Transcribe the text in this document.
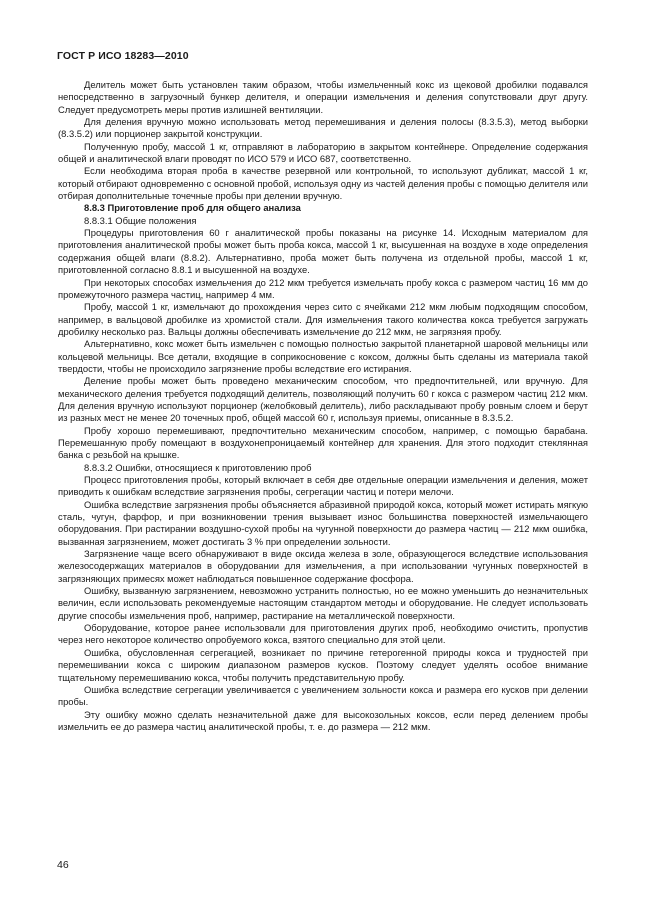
ГОСТ Р ИСО 18283—2010

Делитель может быть установлен таким образом, чтобы измельченный кокс из щековой дробилки подавался непосредственно в загрузочный бункер делителя, и операции измельчения и деления сопутствовали друг другу. Следует предусмотреть меры против излишней вентиляции.

Для деления вручную можно использовать метод перемешивания и деления полосы (8.3.5.3), метод выборки (8.3.5.2) или порционер закрытой конструкции.

Полученную пробу, массой 1 кг, отправляют в лабораторию в закрытом контейнере. Определение содержания общей и аналитической влаги проводят по ИСО 579 и ИСО 687, соответственно.

Если необходима вторая проба в качестве резервной или контрольной, то используют дубликат, массой 1 кг, который отбирают одновременно с основной пробой, используя одну из частей деления пробы с помощью делителя или отбирая дополнительные точечные пробы при делении вручную.

8.8.3 Приготовление проб для общего анализа

8.8.3.1 Общие положения

Процедуры приготовления 60 г аналитической пробы показаны на рисунке 14. Исходным материалом для приготовления аналитической пробы может быть проба кокса, массой 1 кг, высушенная на воздухе в ходе определения содержания общей влаги (8.8.2). Альтернативно, проба может быть получена из отдельной пробы, массой 1 кг, приготовленной согласно 8.8.1 и высушенной на воздухе.

При некоторых способах измельчения до 212 мкм требуется измельчать пробу кокса с размером частиц 16 мм до промежуточного размера частиц, например 4 мм.

Пробу, массой 1 кг, измельчают до прохождения через сито с ячейками 212 мкм любым подходящим способом, например, в вальцовой дробилке из хромистой стали. Для измельчения такого количества кокса требуется загружать дробилку несколько раз. Вальцы должны обеспечивать измельчение до 212 мкм, не загрязняя пробу.

Альтернативно, кокс может быть измельчен с помощью полностью закрытой планетарной шаровой мельницы или кольцевой мельницы. Все детали, входящие в соприкосновение с коксом, должны быть сделаны из материала такой твердости, чтобы не происходило загрязнение пробы вследствие его истирания.

Деление пробы может быть проведено механическим способом, что предпочтительней, или вручную. Для механического деления требуется подходящий делитель, позволяющий получить 60 г кокса с размером частиц 212 мкм. Для деления вручную используют порционер (желобковый делитель), либо раскладывают пробу ровным слоем и берут из разных мест не менее 20 точечных проб, общей массой 60 г, используя приемы, описанные в 8.3.5.2.

Пробу хорошо перемешивают, предпочтительно механическим способом, например, с помощью барабана. Перемешанную пробу помещают в воздухонепроницаемый контейнер для хранения. Для этого подходит стеклянная банка с резьбой на крышке.

8.8.3.2 Ошибки, относящиеся к приготовлению проб

Процесс приготовления пробы, который включает в себя две отдельные операции измельчения и деления, может приводить к ошибкам вследствие загрязнения пробы, сегрегации частиц и потери мелочи.

Ошибка вследствие загрязнения пробы объясняется абразивной природой кокса, который может истирать мягкую сталь, чугун, фарфор, и при возникновении трения вызывает износ большинства поверхностей измельчающего оборудования. При растирании воздушно-сухой пробы на чугунной поверхности до размера частиц — 212 мкм ошибка, вызванная загрязнением, может достигать 3 % при определении зольности.

Загрязнение чаще всего обнаруживают в виде оксида железа в золе, образующегося вследствие использования железосодержащих материалов в оборудовании для измельчения, а при использовании чугунных поверхностей в загрязняющих примесях может наблюдаться повышенное содержание фосфора.

Ошибку, вызванную загрязнением, невозможно устранить полностью, но ее можно уменьшить до незначительных величин, если использовать рекомендуемые настоящим стандартом методы и оборудование. Не следует использовать другие способы измельчения проб, например, растирание на металлической поверхности.

Оборудование, которое ранее использовали для приготовления других проб, необходимо очистить, пропустив через него некоторое количество опробуемого кокса, взятого специально для этой цели.

Ошибка, обусловленная сегрегацией, возникает по причине гетерогенной природы кокса и трудностей при перемешивании кокса с широким диапазоном размеров кусков. Поэтому следует уделять особое внимание тщательному перемешиванию кокса, чтобы получить представительную пробу.

Ошибка вследствие сегрегации увеличивается с увеличением зольности кокса и размера его кусков при делении пробы.

Эту ошибку можно сделать незначительной даже для высокозольных коксов, если перед делением пробы измельчить ее до размера частиц аналитической пробы, т. е. до размера — 212 мкм.

46
